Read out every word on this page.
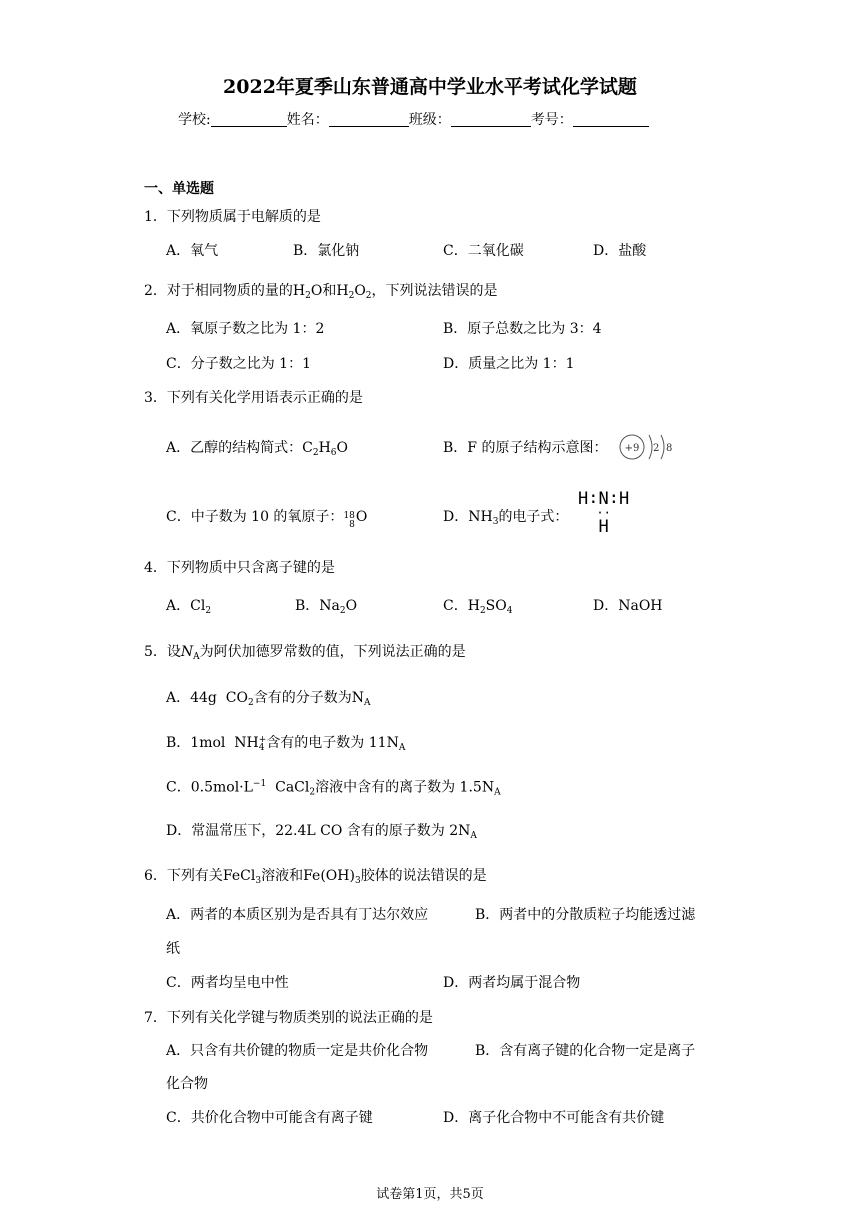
2022年夏季山东普通高中学业水平考试化学试题
学校:	姓名：	班级：	考号：
一、单选题
1．下列物质属于电解质的是
A．氧气	B．氯化钠	C．二氧化碳	D．盐酸
2．对于相同物质的量的$H_2O$和$H_2O_2$，下列说法错误的是
A．氧原子数之比为 1：2	B．原子总数之比为 3：4
C．分子数之比为 1：1	D．质量之比为 1：1
3．下列有关化学用语表示正确的是
A．乙醇的结构简式：$C_2H_6O$	B．F 的原子结构示意图： +9 2 8
C．中子数为 10 的氧原子：18
8O	D．$NH_3$的电子式：
H∶N∶H
··
H
4．下列物质中只含离子键的是
A．$Cl_2$	B．$Na_2O$	C．$H_2SO_4$	D．NaOH
5．设$N_A$为阿伏加德罗常数的值，下列说法正确的是
A．44g $CO_2$含有的分子数为$N_A$
B．1mol NH+
4 含有的电子数为 $11N_A$
C．$0.5mol\cdot L^{-1}$ CaCl$_2$溶液中含有的离子数为 $1.5N_A$
D．常温常压下，22.4L CO 含有的原子数为 $2N_A$
6．下列有关FeCl$_3$溶液和$Fe(OH)_3$胶体的说法错误的是
A．两者的本质区别为是否具有丁达尔效应	B．两者中的分散质粒子均能透过滤
纸
C．两者均呈电中性	D．两者均属于混合物
7．下列有关化学键与物质类别的说法正确的是
A．只含有共价键的物质一定是共价化合物	B．含有离子键的化合物一定是离子
化合物
C．共价化合物中可能含有离子键	D．离子化合物中不可能含有共价键
试卷第1页，共5页
